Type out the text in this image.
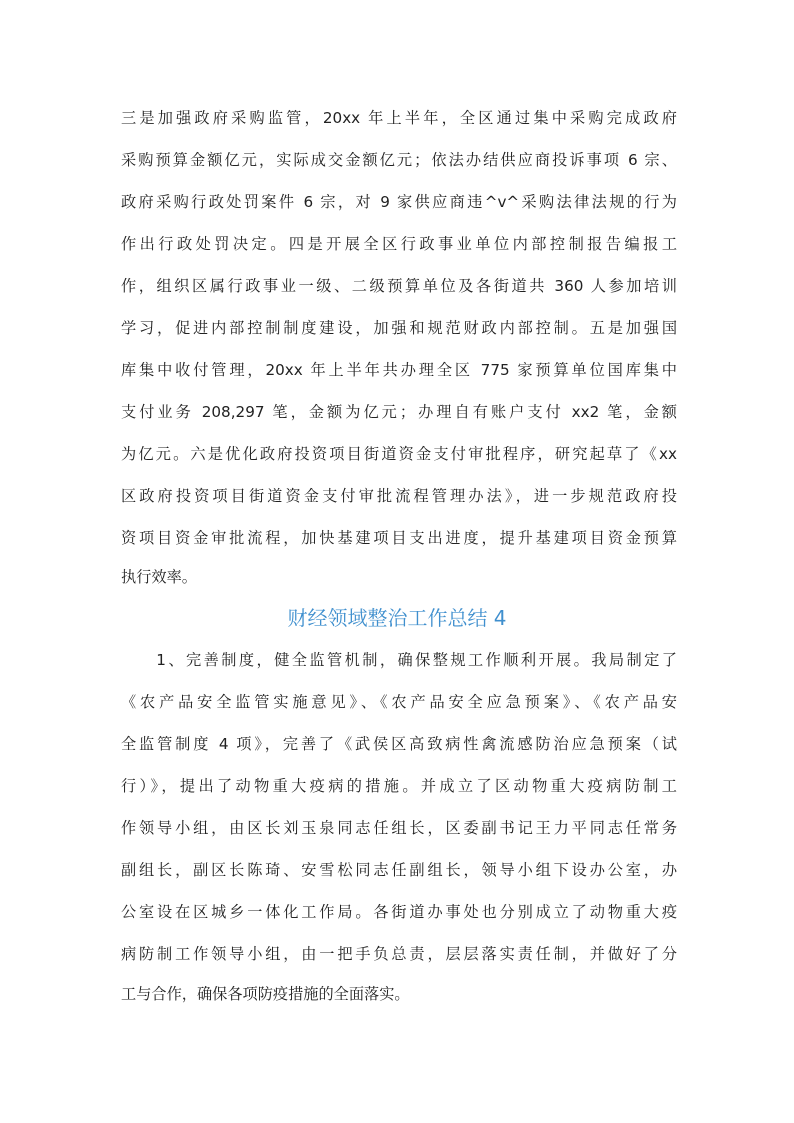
三是加强政府采购监管，20xx 年上半年，全区通过集中采购完成政府
采购预算金额亿元，实际成交金额亿元；依法办结供应商投诉事项 6 宗、
政府采购行政处罚案件 6 宗，对 9 家供应商违^v^采购法律法规的行为
作出行政处罚决定。四是开展全区行政事业单位内部控制报告编报工
作，组织区属行政事业一级、二级预算单位及各街道共 360 人参加培训
学习，促进内部控制制度建设，加强和规范财政内部控制。五是加强国
库集中收付管理，20xx 年上半年共办理全区 775 家预算单位国库集中
支付业务 208,297 笔，金额为亿元；办理自有账户支付 xx2 笔，金额
为亿元。六是优化政府投资项目街道资金支付审批程序，研究起草了《xx
区政府投资项目街道资金支付审批流程管理办法》，进一步规范政府投
资项目资金审批流程，加快基建项目支出进度，提升基建项目资金预算
执行效率。
财经领域整治工作总结 4
　　1、完善制度，健全监管机制，确保整规工作顺利开展。我局制定了
《农产品安全监管实施意见》、《农产品安全应急预案》、《农产品安
全监管制度 4 项》，完善了《武侯区高致病性禽流感防治应急预案（试
行）》，提出了动物重大疫病的措施。并成立了区动物重大疫病防制工
作领导小组，由区长刘玉泉同志任组长，区委副书记王力平同志任常务
副组长，副区长陈琦、安雪松同志任副组长，领导小组下设办公室，办
公室设在区城乡一体化工作局。各街道办事处也分别成立了动物重大疫
病防制工作领导小组，由一把手负总责，层层落实责任制，并做好了分
工与合作，确保各项防疫措施的全面落实。
